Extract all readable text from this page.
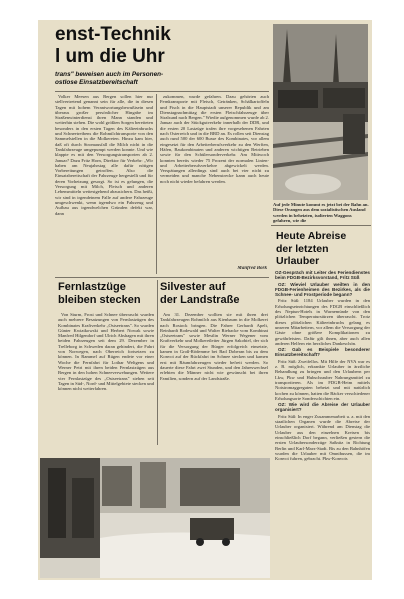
enst-Technik
l um die Uhr
trans" beweisen auch im Personen-
ostlose Einsatzbereitschaft

Volker Meesen aus Bergen sollen hier nur stellvertretend genannt sein für alle, die in diesen Tagen mit hohem Verantwortungsbewußtsein und überaus großer persönlicher Hingabe im Straßenwinterdienst ihren Mann standen und weiterhin stehen. Die wohl größten Sorgen bereiteten besonders in den ersten Tagen des Kälteeinbruchs und Schneetreibens die Rohmilchtransporte von den Sammelstellen in die Molkereien. Hinzu kam hier, daß oft durch Stromausfall die Milch nicht in die Tankfahrzeuge umgepumpt werden konnte. Und wie klappte es mit den Versorgungstransporten ab 2. Januar? Dazu Fritz Horn, Direktor für Verkehr: „Wir haben am Neujahrstag alle dafür nötigen Vorbereitungen getroffen. Also die Einsatzbereitschaft der Fahrzeuge hergestellt und für deren Vorheizung gesorgt. So ist es gelungen, die Versorgung mit Milch, Fleisch und anderen Lebensmitteln weitestgehend abzusichern. Das heißt, wir sind in irgendeinem Falle auf andere Fahrzeuge umgeschwenkt, wenn irgendwo ein Fahrzeug und Aufbau aus irgendwelchen Gründen defekt war, dann

zukommen, wurde gefahren. Dazu gehörten auch Fernkransporte mit Fleisch, Getränken, Schälkartoffeln und Fisch in die Hauptstadt unserer Republik und am Dienstagnachmittag die ersten Fleischfahrzeuge über Stralsund nach Bergen." Wiedie aufgenommen wurde ab 2. Januar auch der Stückgutverkehr innerhalb der DDR, und die ersten 20 Lastzüge trafen ihre vorgesehenen Fahrten nach Osterreich und in die BRD an. Es rollen seit Dienstag auch rund 500 der 600 Busse des Kombinates, vor allem eingesetzt für den Arbeiterberufsverkehr zu den Werften, Häfen, Baukombinaten und anderen wichtigen Betrieben sowie für den Schülersonderverkehr. Am Mittwoch konnten bereits wieder 75 Prozent der normalen Linien- und Arbeiterberufsverkehre abgewickelt werden. Verspätungen allerdings sind auch bei vier nicht zu vermeiden und manche Nebenstrecke kann auch heute noch nicht wieder befahren werden.

Manfred Bork
Auf jede Minute kommt es jetzt bei der Bahn an. Diese Orangen aus dem sozialistischen Ausland werden in beheizten, isolierten Waggons gefahren, wie die
Heute Abreise
der letzten
Urlauber

OZ-Gespräch mit Leiter des Feriendienstes beim FDGB-Bezirksvorstand, Fritz Süß

OZ: Wieviel Urlauber weilten in den FDGB-Ferienheimen des Bezirkes, als die Schnee- und Frostperiode begann?

Fritz Süß: 1184 Urlauber wurden in den Erholungseinrichtungen des FDGB einschließlich des Neptun-Hotels in Warnemünde von den plötzlichen Temperaturstürzen überrascht. Trotz dieses plötzlichen Kälteeinbruchs gelang es unseren Mitarbeitern, vor allem die Versorgung der Gäste ohne größere Komplikationen zu gewährleisten. Dafür gilt ihnen, aber auch allen anderen Helfern ein herzliches Dankeschön.

OZ: Gab es Beispiele besonderer Einsatzbereitschaft?

Fritz Süß: Zweifellos. Mit Hilfe der NVA war es z. B. möglich, erkrankte Urlauber in ärztliche Behandlung zu bringen und den Urlaubern per Lkw, Pkw und Hubschrauber Nahrungsmittel zu transportieren. Als im FDGB-Heim mittels Notstromaggregaten beheizt und mit natürlich kochen zu können, hatten die Bäcker verschiedener Erholungsorte Sonderschichten ein.

OZ: Wie wird die Abreise der Urlauber organisiert?

Fritz Süß: In enger Zusammenarbeit u. a. mit den staatlichen Organen wurde die Abreise der Urlauber organisiert. Während am Dienstag die Urlauber aus den einzelnen Kreisen bis einschließlich Dorf begann, verließen gestern die ersten Urlaubersonderzüge Saßnitz in Richtung Berlin und Karl-Marx-Stadt. Bis zu den Bahnhöfen wurden die Urlauber mit Omnibussen, die im Konvoi fuhren, gebracht. Pkw-Konvois

Fernlastzüge
bleiben stecken

Von Sturm, Frost und Schnee überrascht wurden auch mehrere Besatzungen von Fernlastzügen des Kombinates Kraftverkehr „Ostseetrans". So wurden Günter Kwiatkowski und Herbert Nowak sowie Manfred Hilgendorf und Ulrich Abshagen mit ihren beiden Fahrzeugen seit dem 29. Dezember in Trelleborg in Schweden daran gehindert, die Fahrt von Norwegen, nach Oberreich fortsetzen zu können. In Rammel auf Rügen endete vor einer Woche die Fernfahrt für Lothar Weltgens und Werner Petri mit ihren beiden Fernlastzügen aus Bergen in den hohen Schneeverwehungen. Weitere vier Fernlastzüge des „Ostseetrans" stehen seit Tagen in Süd-, Nord- und Mittelgebiete stecken und können nicht weiterfahren.

Silvester auf
der Landstraße

Am 31. Dezember wollten sie mit ihren drei Tankfahrzeugen Rohmilch aus Kienbaum in die Molkerei nach Rostock bringen. Die Fahrer Gerhardt Apelt, Reinhardt Rodewald und Walter Riebacke vom Kombinat „Ostseetrans" sowie Mestlin Werner Wegener vom Kraftverkehr und Molkereileiter Jürgen Sakobiel, der sich für die Versorgung der Bürger erfolgreich einsetzte, kamen in Groß-Rödemme bei Bad Doberan bis zu dem Konvoi auf der Rückfahrt im Schnee stecken und kamen erst mit Räumfahrzeugen wieder befreit werden. So dauerte diese Fahrt zwei Stunden, und den Jahreswechsel erlebten die Männer nicht wie gewünscht bei ihren Familien, sondern auf der Landstraße.
